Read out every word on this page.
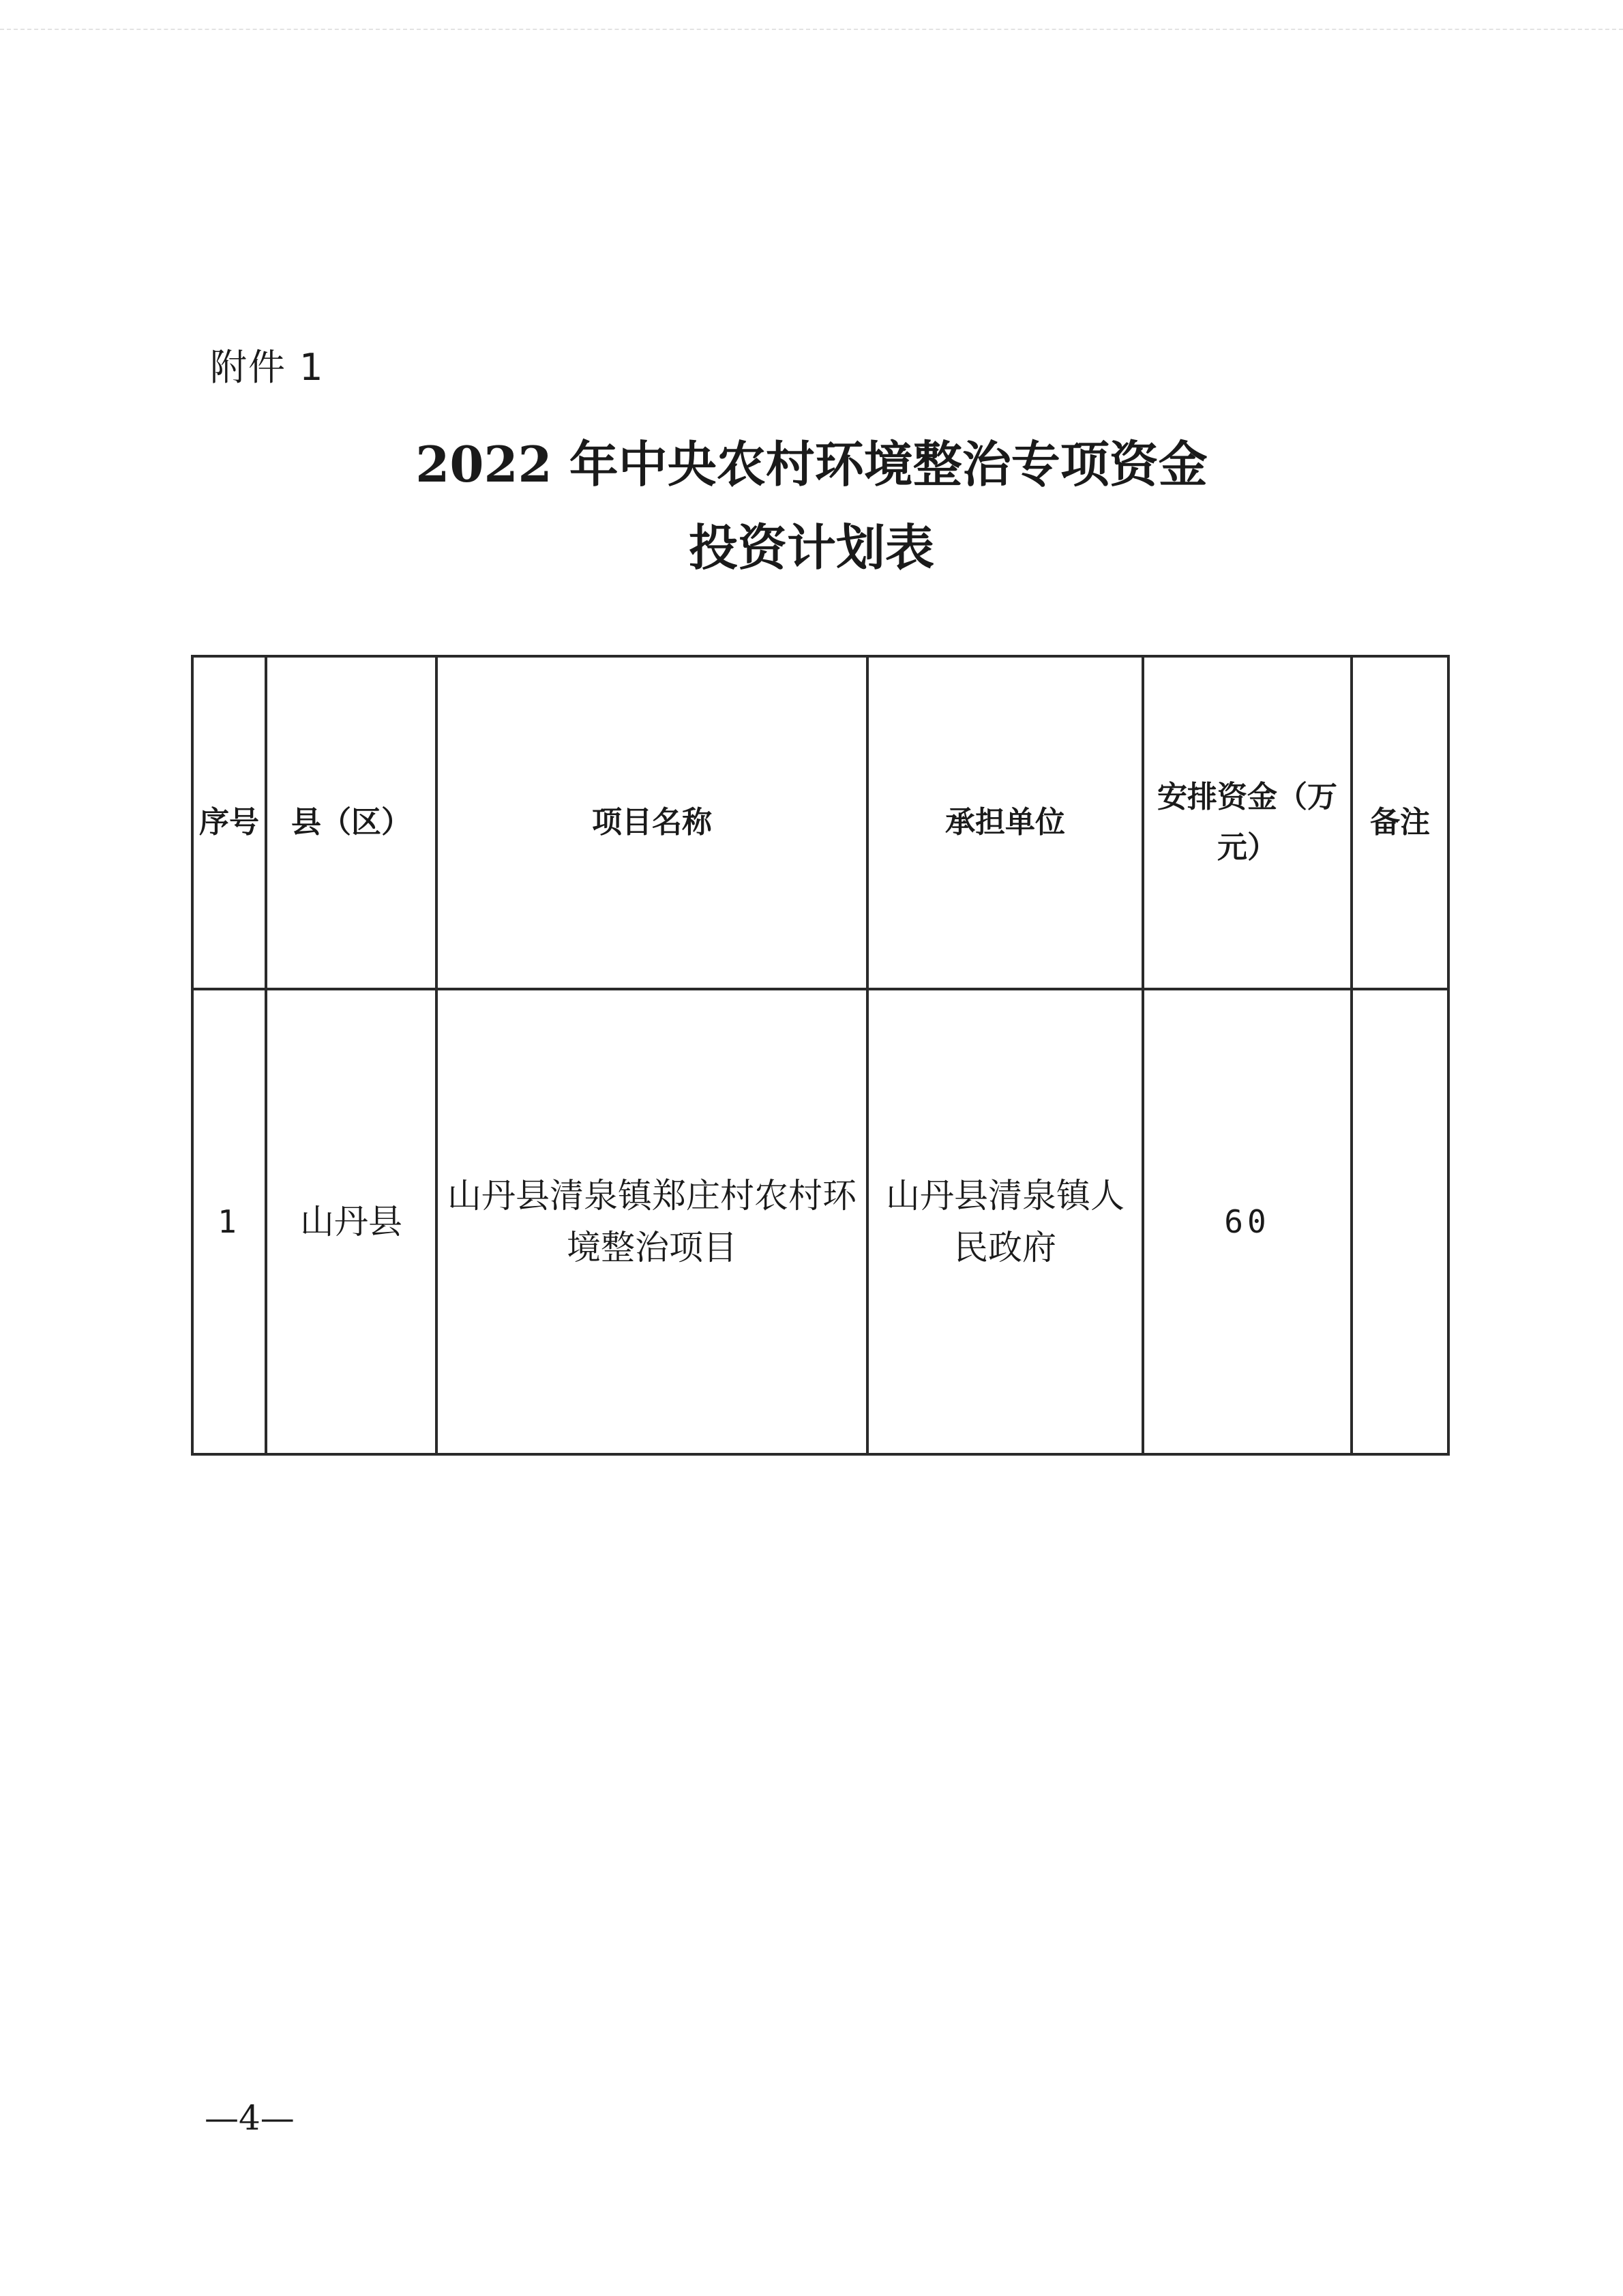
附件 1
2022 年中央农村环境整治专项资金
投资计划表
序号	县（区）	项目名称	承担单位	安排资金（万元）	备注
1	山丹县	山丹县清泉镇郑庄村农村环境整治项目	山丹县清泉镇人民政府	60	
—4—
